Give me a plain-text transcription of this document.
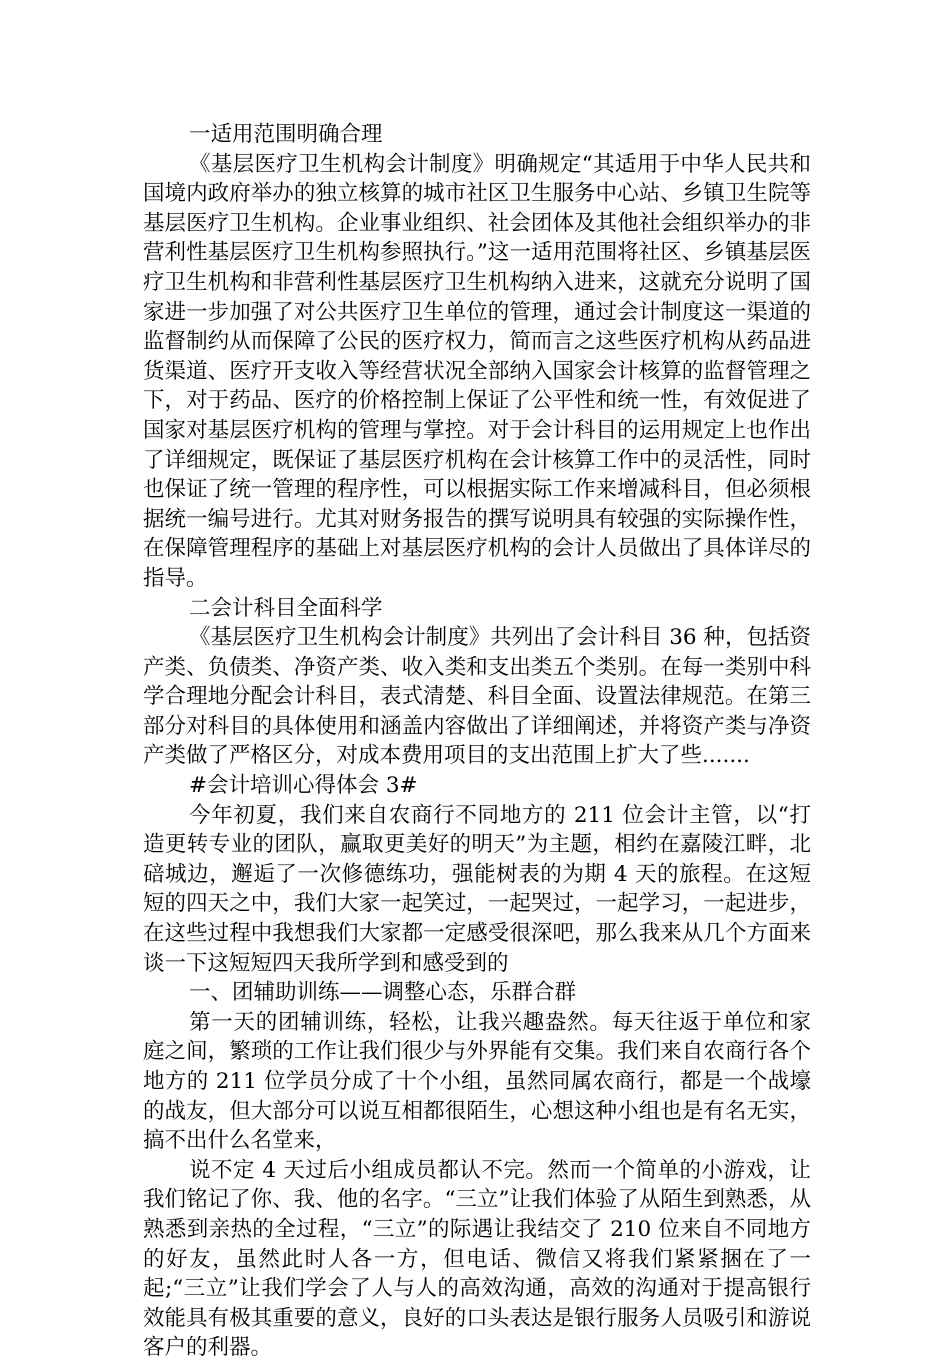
一适用范围明确合理

《基层医疗卫生机构会计制度》明确规定“其适用于中华人民共和国境内政府举办的独立核算的城市社区卫生服务中心站、乡镇卫生院等基层医疗卫生机构。企业事业组织、社会团体及其他社会组织举办的非营利性基层医疗卫生机构参照执行。”这一适用范围将社区、乡镇基层医疗卫生机构和非营利性基层医疗卫生机构纳入进来，这就充分说明了国家进一步加强了对公共医疗卫生单位的管理，通过会计制度这一渠道的监督制约从而保障了公民的医疗权力，简而言之这些医疗机构从药品进货渠道、医疗开支收入等经营状况全部纳入国家会计核算的监督管理之下，对于药品、医疗的价格控制上保证了公平性和统一性，有效促进了国家对基层医疗机构的管理与掌控。对于会计科目的运用规定上也作出了详细规定，既保证了基层医疗机构在会计核算工作中的灵活性，同时也保证了统一管理的程序性，可以根据实际工作来增减科目，但必须根据统一编号进行。尤其对财务报告的撰写说明具有较强的实际操作性，在保障管理程序的基础上对基层医疗机构的会计人员做出了具体详尽的指导。

二会计科目全面科学

《基层医疗卫生机构会计制度》共列出了会计科目 36 种，包括资产类、负债类、净资产类、收入类和支出类五个类别。在每一类别中科学合理地分配会计科目，表式清楚、科目全面、设置法律规范。在第三部分对科目的具体使用和涵盖内容做出了详细阐述，并将资产类与净资产类做了严格区分，对成本费用项目的支出范围上扩大了些.......

#会计培训心得体会 3#

今年初夏，我们来自农商行不同地方的 211 位会计主管，以“打造更转专业的团队，赢取更美好的明天”为主题，相约在嘉陵江畔，北碚城边，邂逅了一次修德练功，强能树表的为期 4 天的旅程。在这短短的四天之中，我们大家一起笑过，一起哭过，一起学习，一起进步，在这些过程中我想我们大家都一定感受很深吧，那么我来从几个方面来谈一下这短短四天我所学到和感受到的

一、团辅助训练——调整心态，乐群合群

第一天的团辅训练，轻松，让我兴趣盎然。每天往返于单位和家庭之间，繁琐的工作让我们很少与外界能有交集。我们来自农商行各个地方的 211 位学员分成了十个小组，虽然同属农商行，都是一个战壕的战友，但大部分可以说互相都很陌生，心想这种小组也是有名无实，搞不出什么名堂来，

说不定 4 天过后小组成员都认不完。然而一个简单的小游戏，让我们铭记了你、我、他的名字。“三立”让我们体验了从陌生到熟悉，从熟悉到亲热的全过程，“三立”的际遇让我结交了 210 位来自不同地方的好友，虽然此时人各一方，但电话、微信又将我们紧紧捆在了一起;“三立”让我们学会了人与人的高效沟通，高效的沟通对于提高银行效能具有极其重要的意义，良好的口头表达是银行服务人员吸引和游说客户的利器。
